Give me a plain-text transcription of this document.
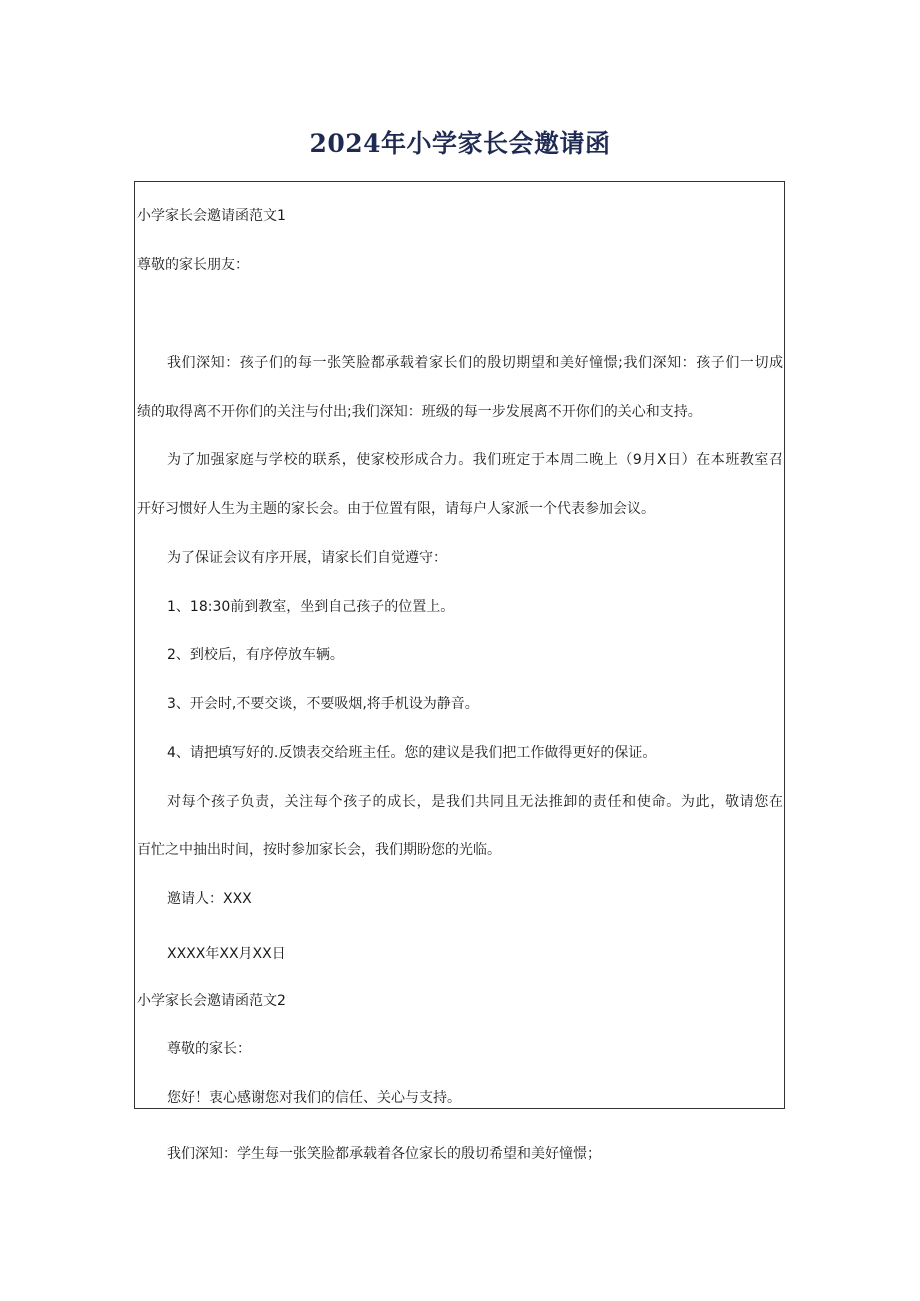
2024年小学家长会邀请函

小学家长会邀请函范文1

尊敬的家长朋友：

我们深知：孩子们的每一张笑脸都承载着家长们的殷切期望和美好憧憬;我们深知：孩子们一切成

绩的取得离不开你们的关注与付出;我们深知：班级的每一步发展离不开你们的关心和支持。

为了加强家庭与学校的联系，使家校形成合力。我们班定于本周二晚上（9月X日）在本班教室召

开好习惯好人生为主题的家长会。由于位置有限，请每户人家派一个代表参加会议。

为了保证会议有序开展，请家长们自觉遵守：

1、18:30前到教室，坐到自己孩子的位置上。

2、到校后，有序停放车辆。

3、开会时,不要交谈，不要吸烟,将手机设为静音。

4、请把填写好的.反馈表交给班主任。您的建议是我们把工作做得更好的保证。

对每个孩子负责，关注每个孩子的成长，是我们共同且无法推卸的责任和使命。为此，敬请您在

百忙之中抽出时间，按时参加家长会，我们期盼您的光临。

邀请人：XXX

XXXX年XX月XX日

小学家长会邀请函范文2

尊敬的家长：

您好！衷心感谢您对我们的信任、关心与支持。

我们深知：学生每一张笑脸都承载着各位家长的殷切希望和美好憧憬；
